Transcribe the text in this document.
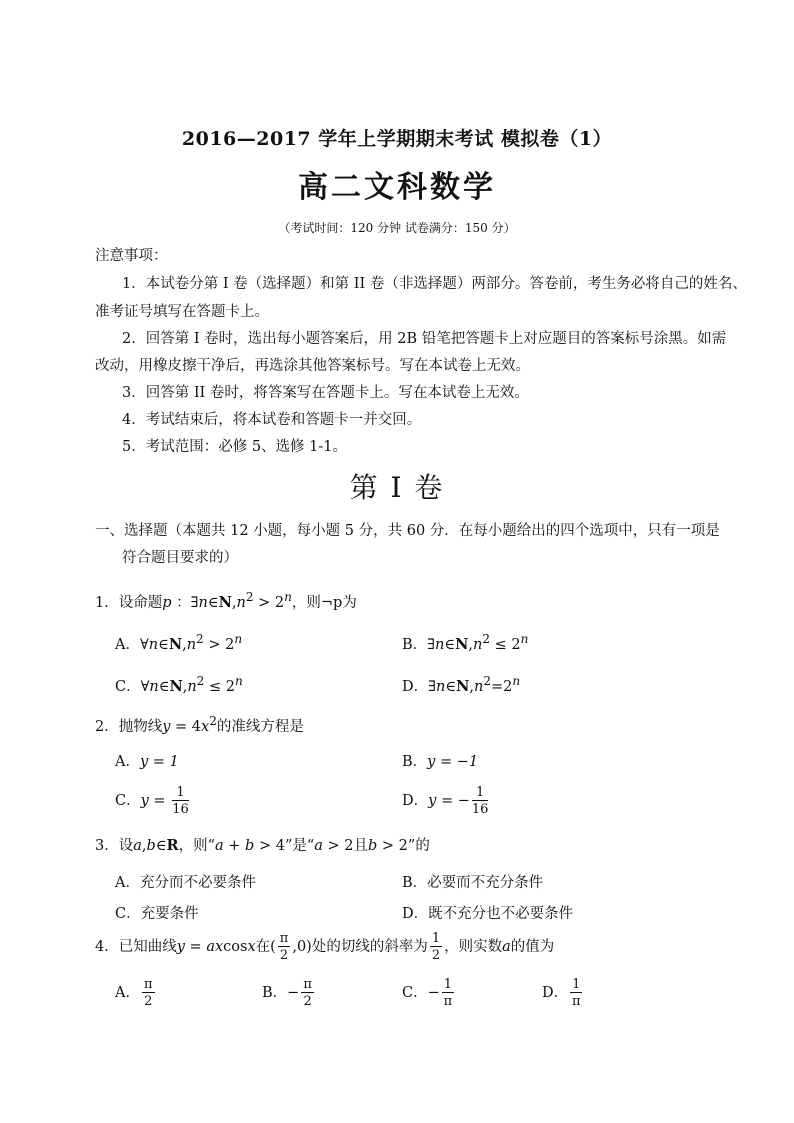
2016—2017 学年上学期期末考试 模拟卷（1）
高二文科数学
（考试时间：120 分钟 试卷满分：150 分）
注意事项：
1．本试卷分第 I 卷（选择题）和第 II 卷（非选择题）两部分。答卷前，考生务必将自己的姓名、
准考证号填写在答题卡上。
2．回答第 I 卷时，选出每小题答案后，用 2B 铅笔把答题卡上对应题目的答案标号涂黑。如需
改动，用橡皮擦干净后，再选涂其他答案标号。写在本试卷上无效。
3．回答第 II 卷时，将答案写在答题卡上。写在本试卷上无效。
4．考试结束后，将本试卷和答题卡一并交回。
5．考试范围：必修 5、选修 1-1。
第 I 卷
一、选择题（本题共 12 小题，每小题 5 分，共 60 分．在每小题给出的四个选项中，只有一项是
符合题目要求的）
1．设命题p ：$\exists n\in N,n^2 > 2^n$，则¬p为
A．$\forall n\in N,n^2 > 2^n$	B．$\exists n\in N,n^2 \le 2^n$
C．$\forall n\in N,n^2 \le 2^n$	D．$\exists n\in N,n^2=2^n$
2．抛物线$y = 4x^2$的准线方程是
A．y = 1	B．y = −1
C．$y = \frac{1}{16}$	D．y = − $\frac{1}{16}$
3．设a,b∈R，则“a + b > 4”是“a > 2且b > 2”的
A．充分而不必要条件	B．必要而不充分条件
C．充要条件	D．既不充分也不必要条件
4．已知曲线y = axcosx在( $\frac{\pi}{2} ,0$)处的切线的斜率为 $\frac{1}{2}$ ，则实数a的值为
A． $\frac{\pi}{2}$	B．− $\frac{\pi}{2}$	C．− $\frac{1}{\pi}$	D． $\frac{1}{\pi}$
